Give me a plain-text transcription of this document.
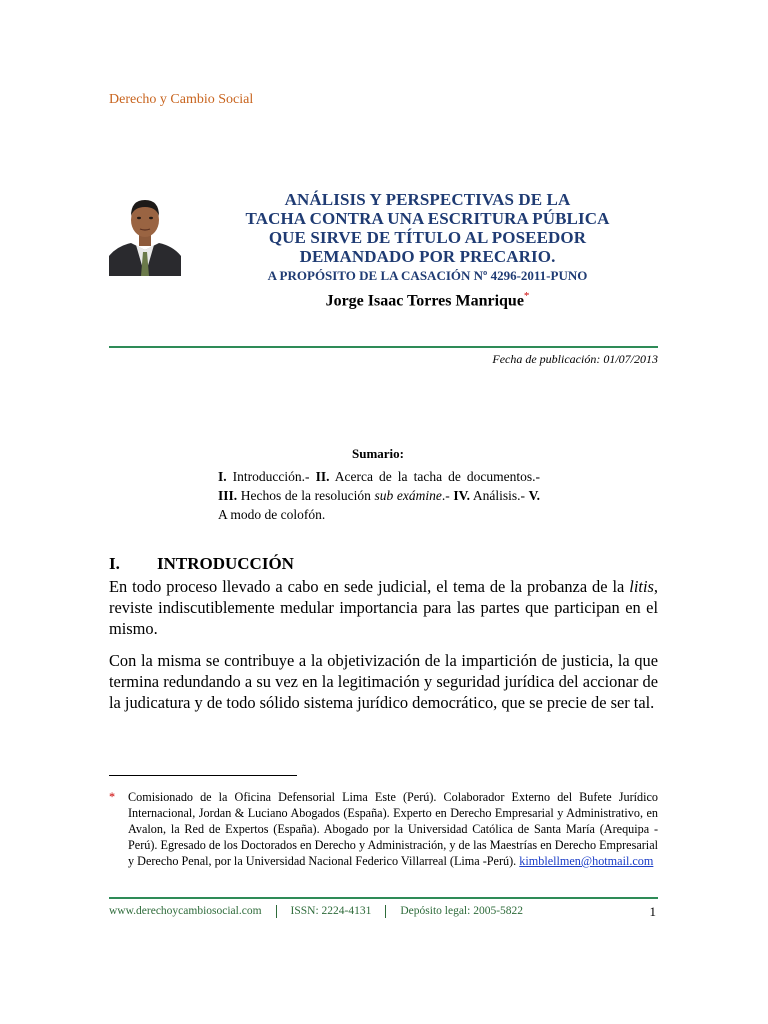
Derecho y Cambio Social
ANÁLISIS Y PERSPECTIVAS DE LA
TACHA CONTRA UNA ESCRITURA PÚBLICA
QUE SIRVE DE TÍTULO AL POSEEDOR
DEMANDADO POR PRECARIO.
A PROPÓSITO DE LA CASACIÓN Nº 4296-2011-PUNO
Jorge Isaac Torres Manrique*
Fecha de publicación: 01/07/2013
Sumario:
I. Introducción.- II. Acerca de la tacha de documentos.- III. Hechos de la resolución sub exámine.- IV. Análisis.- V. A modo de colofón.
I. INTRODUCCIÓN

En todo proceso llevado a cabo en sede judicial, el tema de la probanza de la litis, reviste indiscutiblemente medular importancia para las partes que participan en el mismo.

Con la misma se contribuye a la objetivización de la impartición de justicia, la que termina redundando a su vez en la legitimación y seguridad jurídica del accionar de la judicatura y de todo sólido sistema jurídico democrático, que se precie de ser tal.

* Comisionado de la Oficina Defensorial Lima Este (Perú). Colaborador Externo del Bufete Jurídico Internacional, Jordan & Luciano Abogados (España). Experto en Derecho Empresarial y Administrativo, en Avalon, la Red de Expertos (España). Abogado por la Universidad Católica de Santa María (Arequipa -Perú). Egresado de los Doctorados en Derecho y Administración, y de las Maestrías en Derecho Empresarial y Derecho Penal, por la Universidad Nacional Federico Villarreal (Lima -Perú). kimblellmen@hotmail.com
www.derechoycambiosocial.com	ISSN: 2224-4131	Depósito legal: 2005-5822	1
